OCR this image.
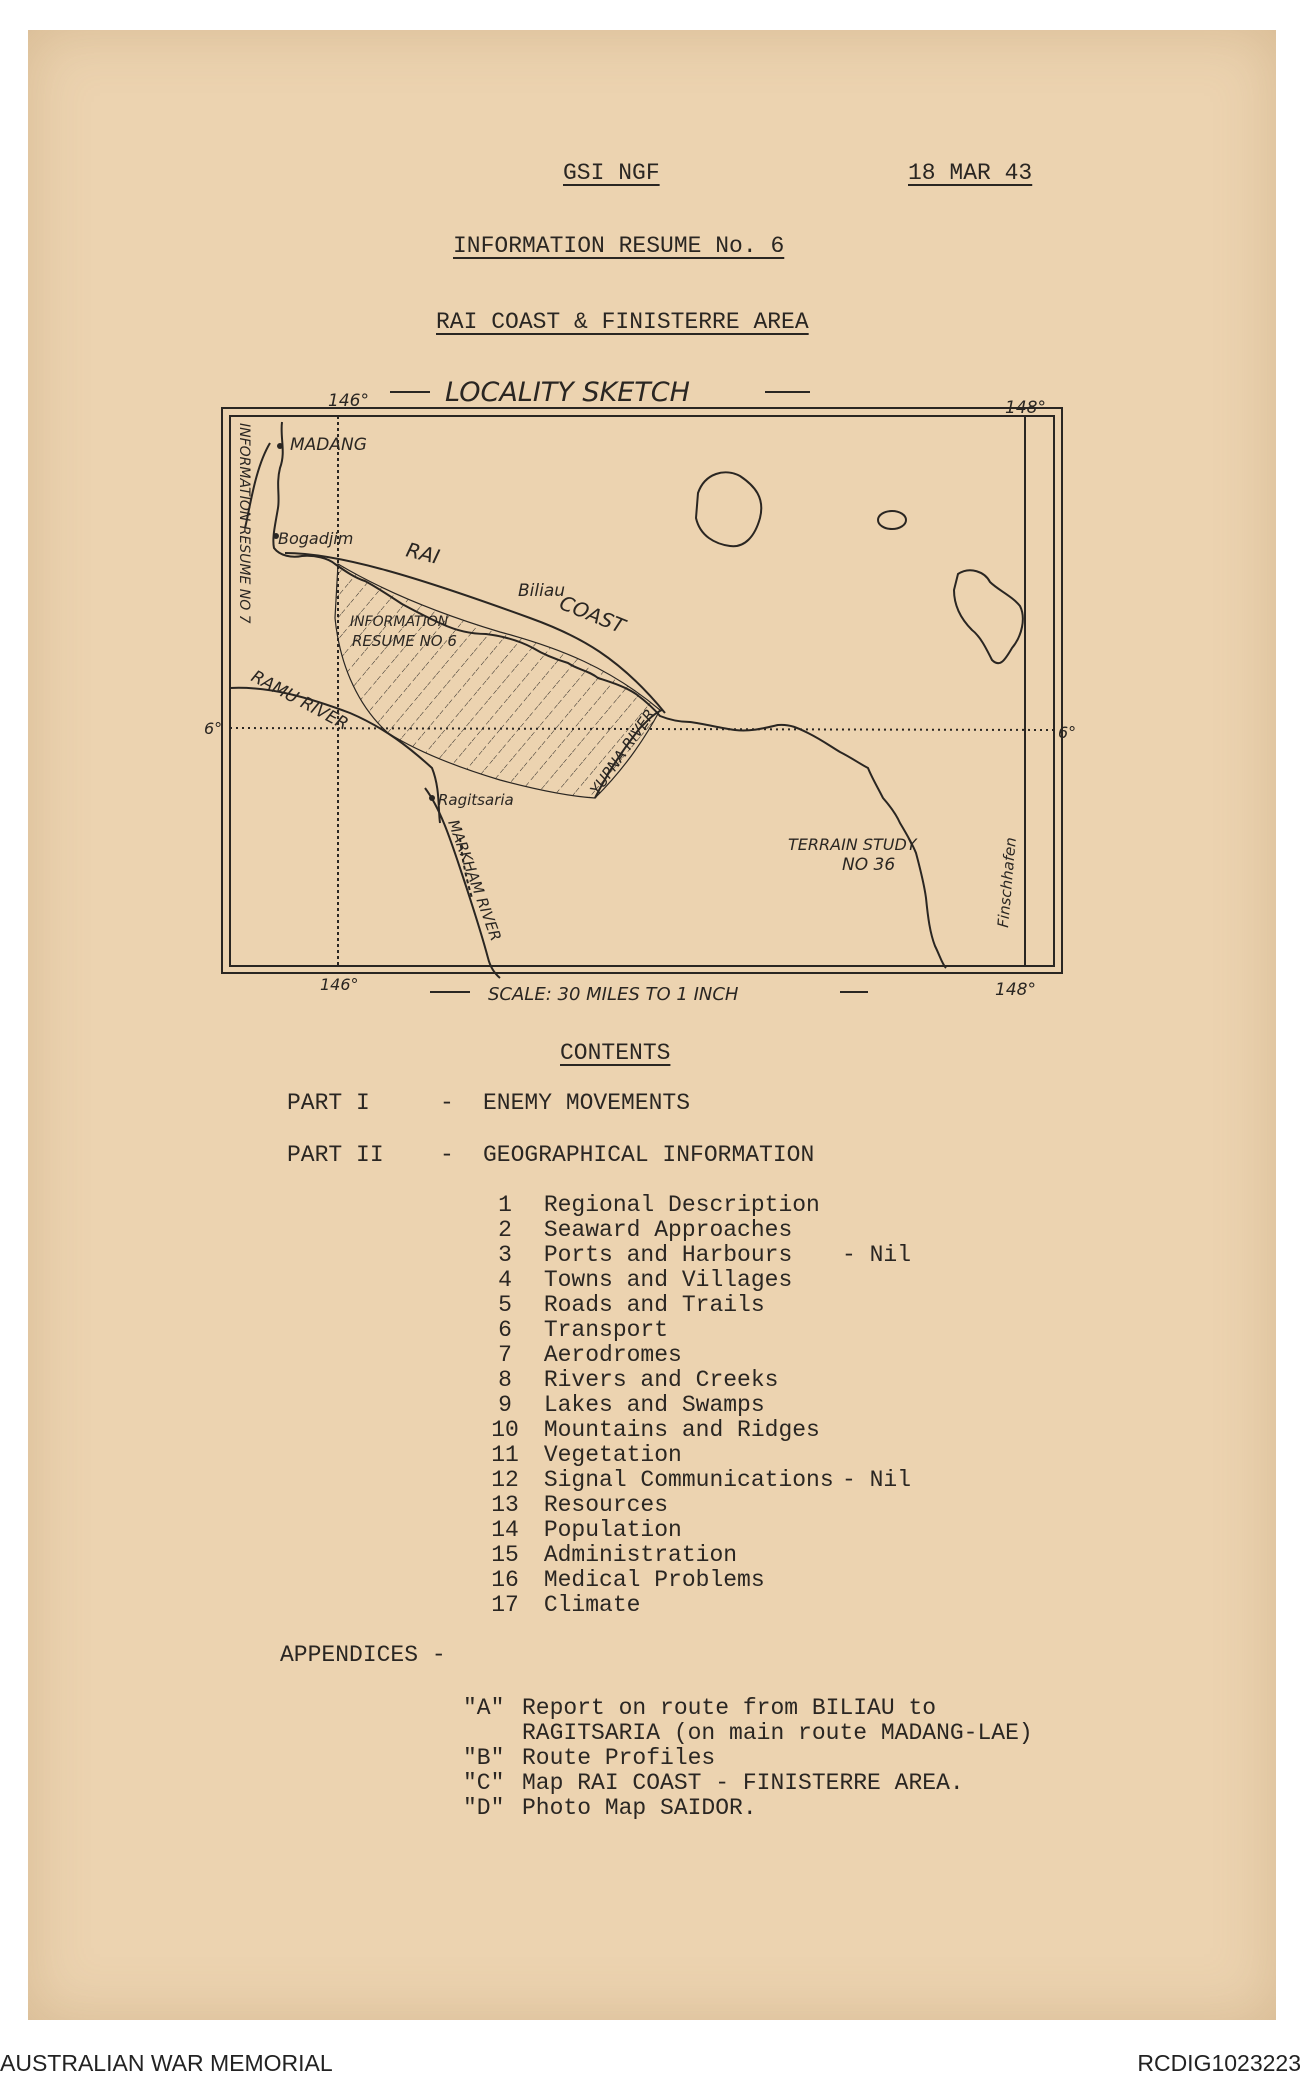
GSI NGF	18 MAR 43
INFORMATION RESUME No. 6
RAI COAST & FINISTERRE AREA
LOCALITY SKETCH
146°	148°
6°	6°
MADANG
Bogadjim	RAI
Biliau
COAST
INFORMATION
RESUME NO 6
INFORMATION RESUME NO 7
RAMU RIVER
YUPNA RIVER
Ragitsaria
MARKHAM RIVER	TERRAIN STUDY
NO 36	Finschhafen
146°	148°
SCALE: 30 MILES TO 1 INCH
CONTENTS
PART I	- ENEMY MOVEMENTS
PART II - GEOGRAPHICAL INFORMATION
1 Regional Description
2 Seaward Approaches
3 Ports and Harbours - Nil
4 Towns and Villages
5 Roads and Trails
6 Transport
7 Aerodromes
8 Rivers and Creeks
9 Lakes and Swamps
10 Mountains and Ridges
11 Vegetation
12 Signal Communications - Nil
13 Resources
14 Population
15 Administration
16 Medical Problems
17 Climate
APPENDICES -
"A" Report on route from BILIAU to
RAGITSARIA (on main route MADANG-LAE)
"B" Route Profiles
"C" Map RAI COAST - FINISTERRE AREA.
"D" Photo Map SAIDOR.
AUSTRALIAN WAR MEMORIAL	RCDIG1023223
